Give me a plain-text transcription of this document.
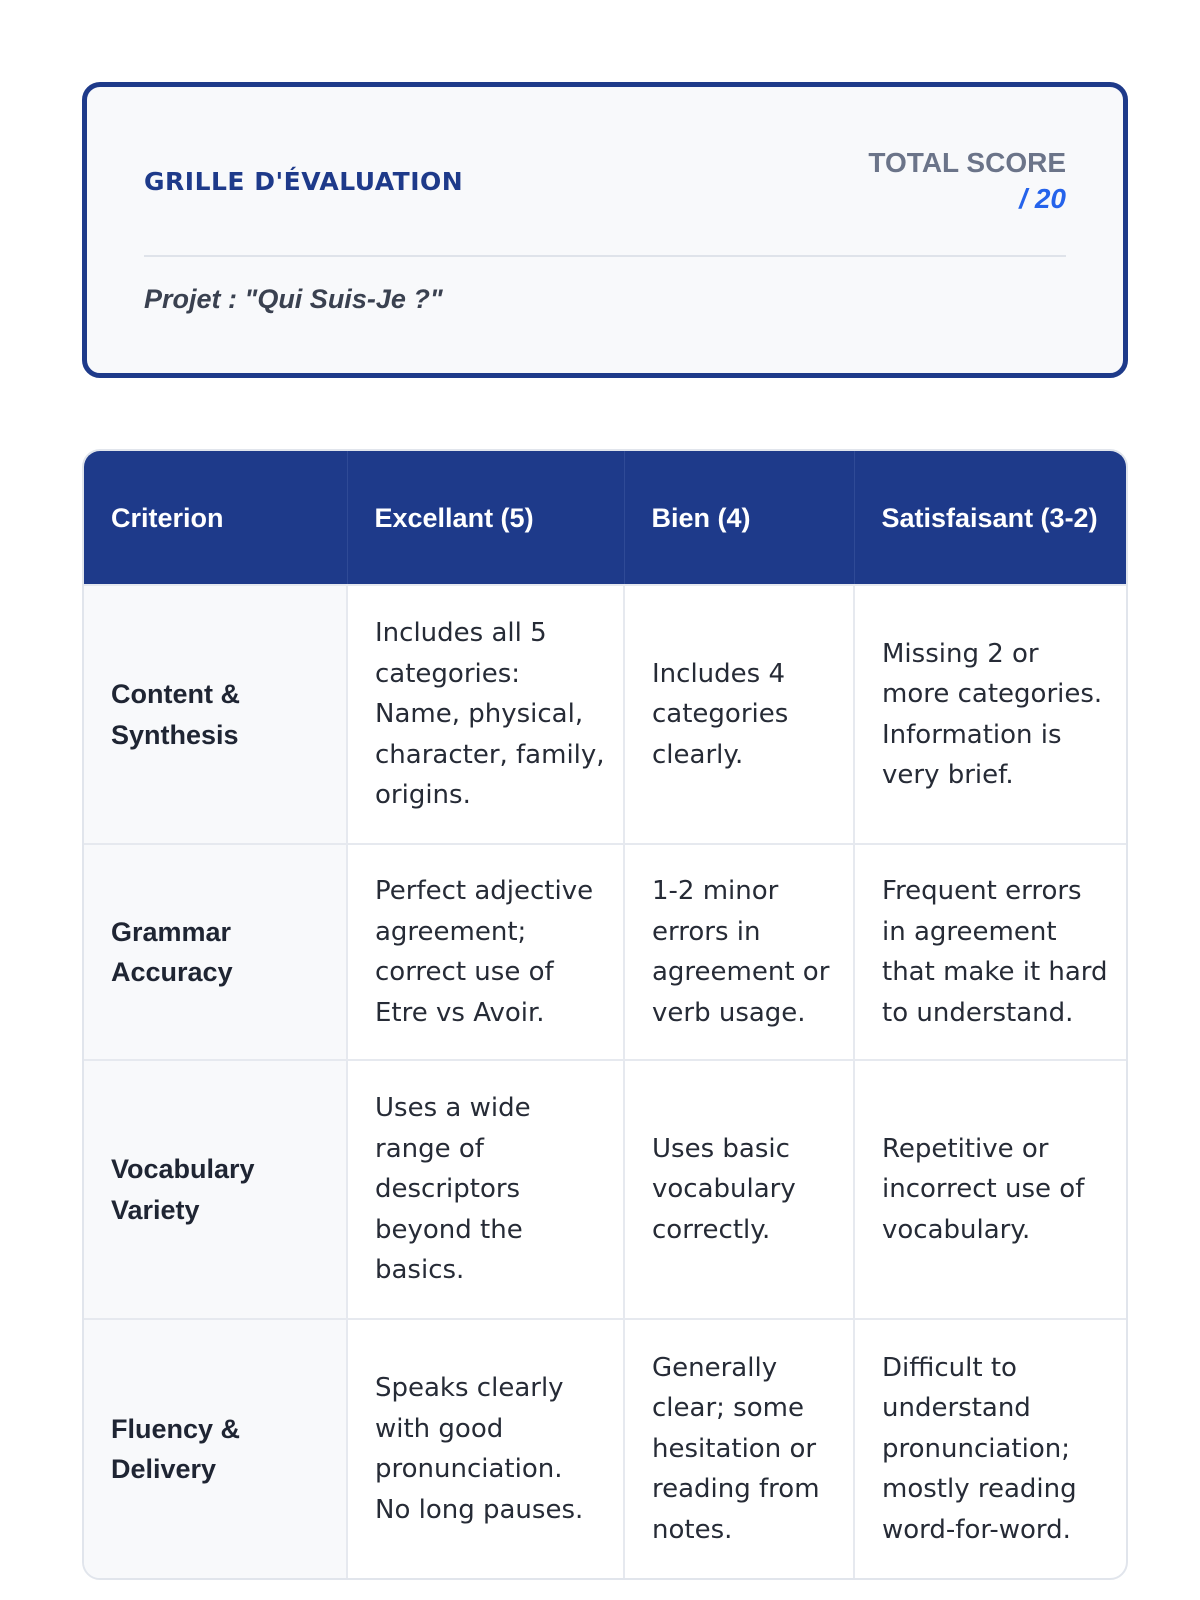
GRILLE D'ÉVALUATION
TOTAL SCORE
/ 20
Projet : "Qui Suis-Je ?"
Criterion	Excellant (5)	Bien (4)	Satisfaisant (3-2)
Content & Synthesis	Includes all 5 categories: Name, physical, character, family, origins.	Includes 4 categories clearly.	Missing 2 or more categories. Information is very brief.
Grammar Accuracy	Perfect adjective agreement; correct use of Etre vs Avoir.	1-2 minor errors in agreement or verb usage.	Frequent errors in agreement that make it hard to understand.
Vocabulary Variety	Uses a wide range of descriptors beyond the basics.	Uses basic vocabulary correctly.	Repetitive or incorrect use of vocabulary.
Fluency & Delivery	Speaks clearly with good pronunciation. No long pauses.	Generally clear; some hesitation or reading from notes.	Difficult to understand pronunciation; mostly reading word-for-word.
